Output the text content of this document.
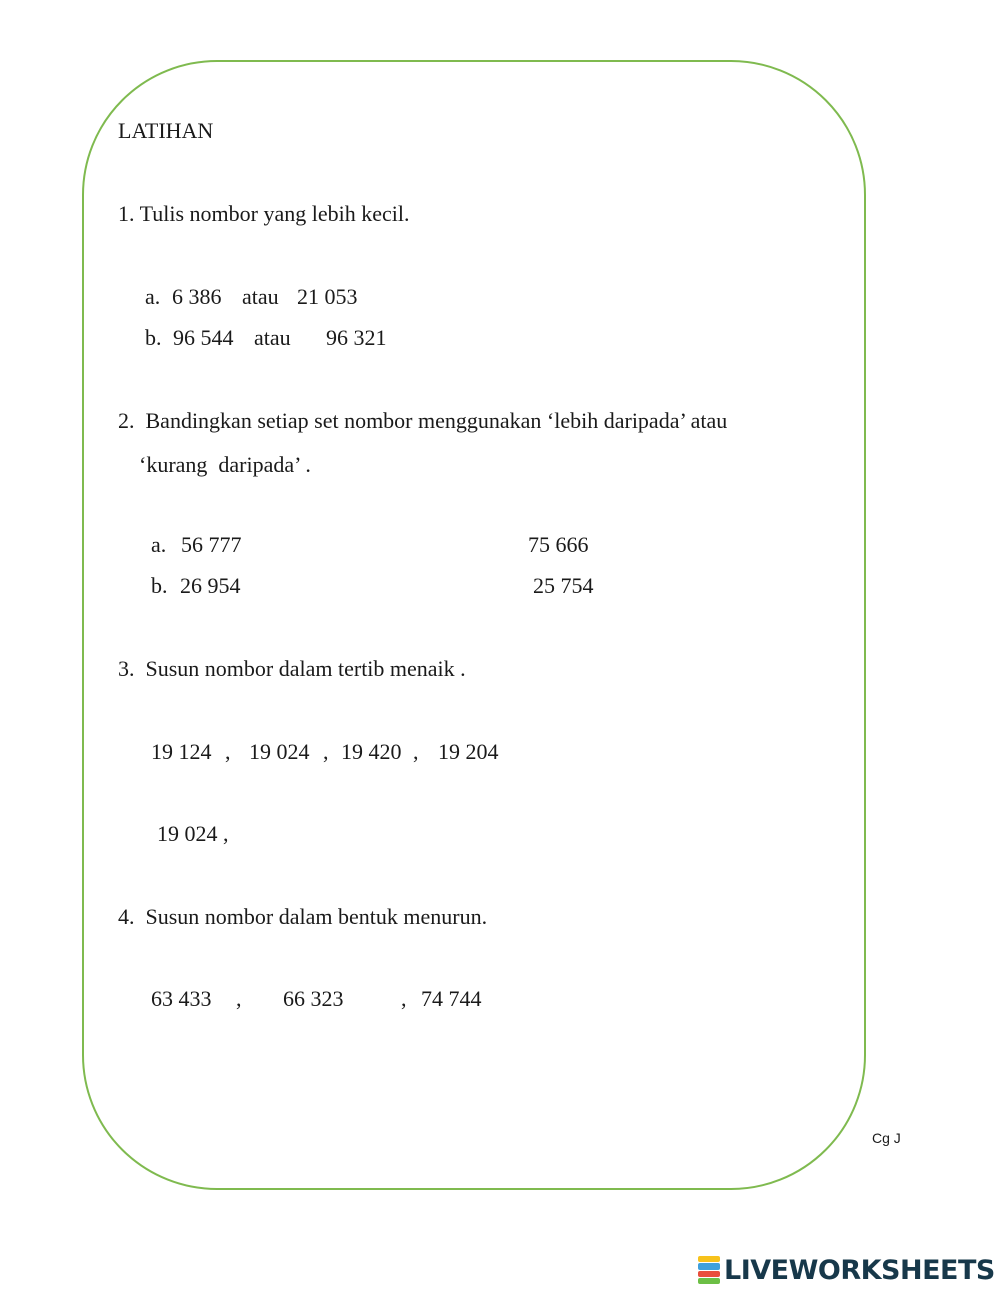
LATIHAN
1. Tulis nombor yang lebih kecil.
a. 6 386 atau 21 053
b. 96 544 atau 96 321
2.  Bandingkan setiap set nombor menggunakan ‘lebih daripada’ atau
‘kurang  daripada’ .
a. 56 777	75 666
b. 26 954	25 754
3.  Susun nombor dalam tertib menaik .
19 124 , 19 024 , 19 420 , 19 204
19 024 ,
4.  Susun nombor dalam bentuk menurun.
63 433 , 66 323	, 74 744
Cg J
LIVEWORKSHEETS
